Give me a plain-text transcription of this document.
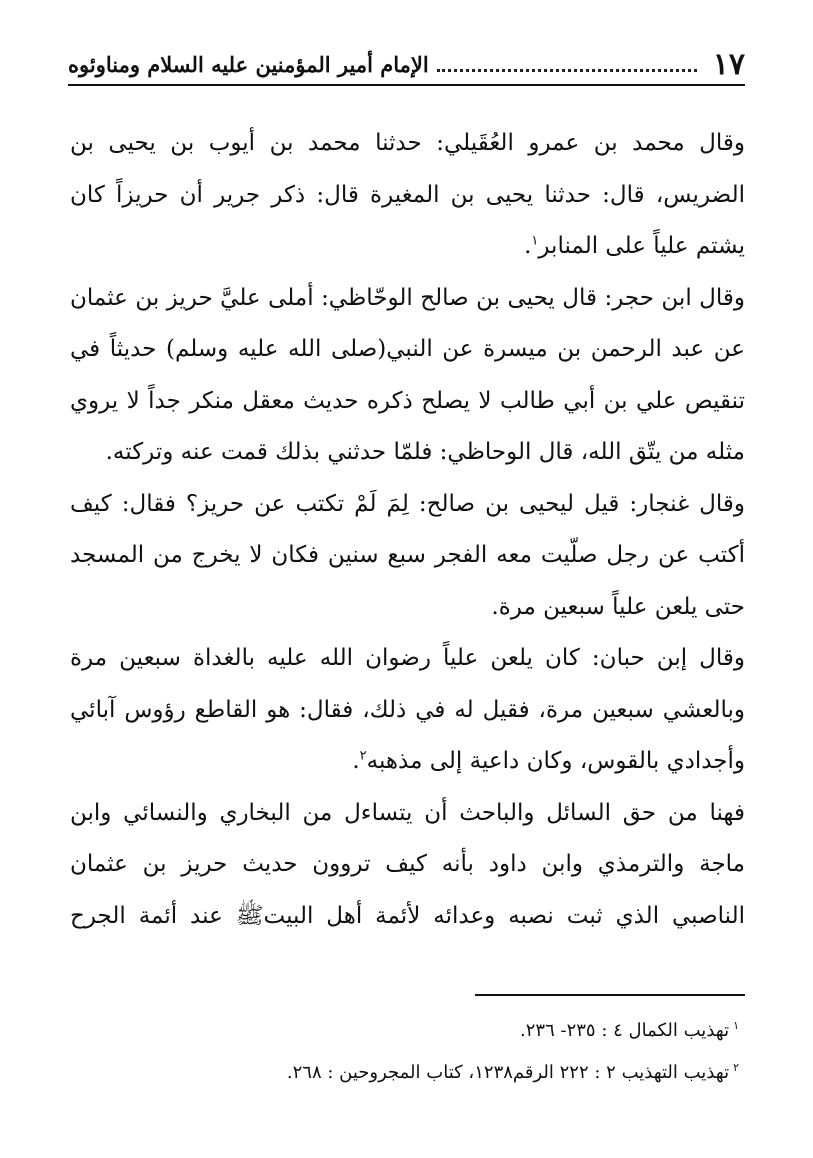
١٧
الإمام أمير المؤمنين عليه السلام ومناوئوه

وقال محمد بن عمرو العُقَيلي: حدثنا محمد بن أيوب بن يحيى بن الضريس، قال: حدثنا يحيى بن المغيرة قال: ذكر جرير أن حريزاً كان يشتم علياً على المنابر$^١$.

وقال ابن حجر: قال يحيى بن صالح الوحّاظي: أملى عليَّ حريز بن عثمان عن عبد الرحمن بن ميسرة عن النبي(صلى الله عليه وسلم) حديثاً في تنقيص علي بن أبي طالب لا يصلح ذكره حديث معقل منكر جداً لا يروي مثله من يتّق الله، قال الوحاظي: فلمّا حدثني بذلك قمت عنه وتركته.

وقال غنجار: قيل ليحيى بن صالح: لِمَ لَمْ تكتب عن حريز؟ فقال: كيف أكتب عن رجل صلّيت معه الفجر سبع سنين فكان لا يخرج من المسجد حتى يلعن علياً سبعين مرة.

وقال إبن حبان: كان يلعن علياً رضوان الله عليه بالغداة سبعين مرة وبالعشي سبعين مرة، فقيل له في ذلك، فقال: هو القاطع رؤوس آبائي وأجدادي بالقوس، وكان داعية إلى مذهبه$^٢$.

فهنا من حق السائل والباحث أن يتساءل من البخاري والنسائي وابن ماجة والترمذي وابن داود بأنه كيف تروون حديث حريز بن عثمان الناصبي الذي ثبت نصبه وعدائه لأئمة أهل البيتﷺ عند أئمة الجرح

$^١$تهذيب الكمال ٤ : ٢٣٥- ٢٣٦.

$^٢$تهذيب التهذيب ٢ : ٢٢٢ الرقم١٢٣٨، كتاب المجروحين : ٢٦٨.
